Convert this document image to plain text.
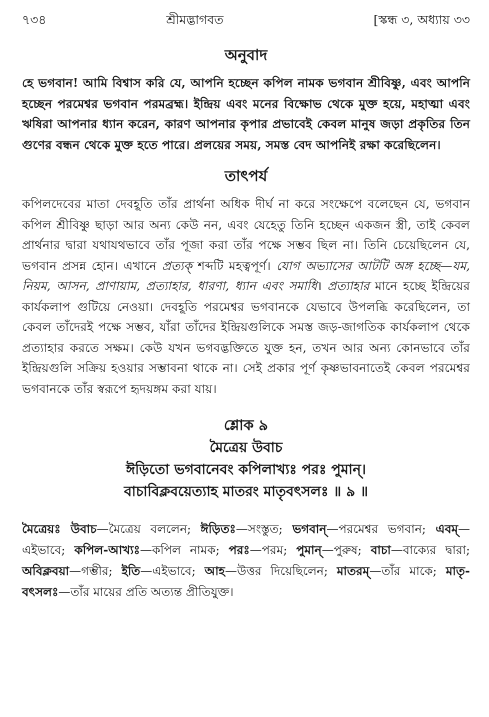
৭৩৪	শ্রীমদ্ভাগবত	[স্কন্ধ ৩, অধ্যায় ৩৩
অনুবাদ

হে ভগবান! আমি বিশ্বাস করি যে, আপনি হচ্ছেন কপিল নামক ভগবান শ্রীবিষ্ণু, এবং আপনি হচ্ছেন পরমেশ্বর ভগবান পরমব্রহ্ম। ইন্দ্রিয় এবং মনের বিক্ষোভ থেকে মুক্ত হয়ে, মহাত্মা এবং ঋষিরা আপনার ধ্যান করেন, কারণ আপনার কৃপার প্রভাবেই কেবল মানুষ জড়া প্রকৃতির তিন গুণের বন্ধন থেকে মুক্ত হতে পারে। প্রলয়ের সময়, সমস্ত বেদ আপনিই রক্ষা করেছিলেন।

তাৎপর্য

কপিলদেবের মাতা দেবহূতি তাঁর প্রার্থনা অধিক দীর্ঘ না করে সংক্ষেপে বলেছেন যে, ভগবান কপিল শ্রীবিষ্ণু ছাড়া আর অন্য কেউ নন, এবং যেহেতু তিনি হচ্ছেন একজন স্ত্রী, তাই কেবল প্রার্থনার দ্বারা যথাযথভাবে তাঁর পূজা করা তাঁর পক্ষে সম্ভব ছিল না। তিনি চেয়েছিলেন যে, ভগবান প্রসন্ন হোন। এখানে প্রত্যক্ শব্দটি মহত্বপূর্ণ। যোগ অভ্যাসের আটটি অঙ্গ হচ্ছে—যম, নিয়ম, আসন, প্রাণায়াম, প্রত্যাহার, ধারণা, ধ্যান এবং সমাধি। প্রত্যাহার মানে হচ্ছে ইন্দ্রিয়ের কার্যকলাপ গুটিয়ে নেওয়া। দেবহূতি পরমেশ্বর ভগবানকে যেভাবে উপলব্ধি করেছিলেন, তা কেবল তাঁদেরই পক্ষে সম্ভব, যাঁরা তাঁদের ইন্দ্রিয়গুলিকে সমস্ত জড়-জাগতিক কার্যকলাপ থেকে প্রত্যাহার করতে সক্ষম। কেউ যখন ভগবদ্ভক্তিতে যুক্ত হন, তখন আর অন্য কোনভাবে তাঁর ইন্দ্রিয়গুলি সক্রিয় হওয়ার সম্ভাবনা থাকে না। সেই প্রকার পূর্ণ কৃষ্ণভাবনাতেই কেবল পরমেশ্বর ভগবানকে তাঁর স্বরূপে হৃদয়ঙ্গম করা যায়।

শ্লোক ৯
মৈত্রেয় উবাচ
ঈড়িতো ভগবানেবং কপিলাখ্যঃ পরঃ পুমান্।
বাচাবিক্লবয়েত্যাহ মাতরং মাতৃবৎসলঃ ॥ ৯ ॥
মৈত্রেয়ঃ উবাচ—মৈত্রেয় বললেন; ঈড়িতঃ—সংস্তুত; ভগবান্—পরমেশ্বর ভগবান; এবম্—এইভাবে; কপিল-আখ্যঃ—কপিল নামক; পরঃ—পরম; পুমান্—পুরুষ; বাচা—বাক্যের দ্বারা; অবিক্লবয়া—গম্ভীর; ইতি—এইভাবে; আহ—উত্তর দিয়েছিলেন; মাতরম্—তাঁর মাকে; মাতৃ-বৎসলঃ—তাঁর মায়ের প্রতি অত্যন্ত প্রীতিযুক্ত।
